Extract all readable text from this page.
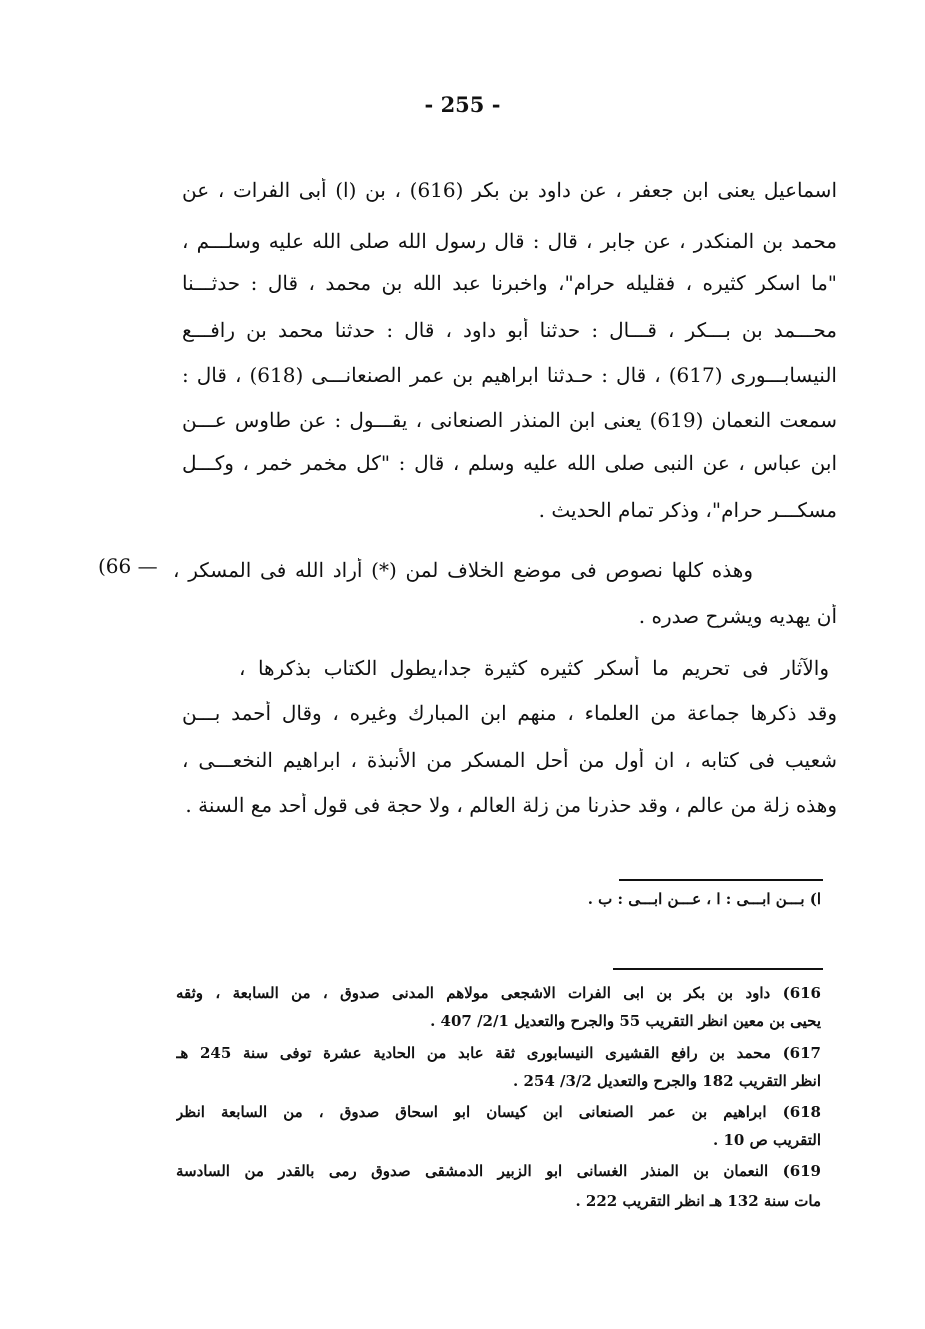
- 255 -
اسماعيل يعنى ابن جعفر ، عن داود بن بكر (616) ، بن (ا) أبى الفرات ، عن
محمد بن المنكدر ، عن جابر ، قال : قال رسول الله صلى الله عليه وسلـــم ،
"ما اسكر كثيره ، فقليله حرام"، واخبرنا عبد الله بن محمد ، قال : حدثـــنا
محـــمد بن بـــكر ، قـــال : حدثنا أبو داود ، قال : حدثنا محمد بن رافـــع
النيسابـــورى (617) ، قال : حـدثنا ابراهيم بن عمر الصنعانـــى (618) ، قال :
سمعت النعمان (619) يعنى ابن المنذر الصنعانى ، يقـــول : عن طاوس عـــن
ابن عباس ، عن النبى صلى الله عليه وسلم ، قال : "كل مخمر خمر ، وكـــل
مسكـــر حرام"، وذكر تمام الحديث .
(66 — وهذه كلها نصوص فى موضع الخلاف لمن (*) أراد الله فى المسكر ،
أن يهديه ويشرح صدره .
والآثار فى تحريم ما أسكر كثيره كثيرة جدا،يطول الكتاب بذكرها ،
وقد ذكرها جماعة من العلماء ، منهم ابن المبارك وغيره ، وقال أحمد بـــن
شعيب فى كتابه ، ان أول من أحل المسكر من الأنبذة ، ابراهيم النخعـــى ،
وهذه زلة من عالم ، وقد حذرنا من زلة العالم ، ولا حجة فى قول أحد مع السنة .
ا) بـــن ابـــى : ا ، عـــن ابـــى : ب .
616) داود بن بكر بن ابى الفرات الاشجعى مولاهم المدنى صدوق ، من السابعة ، وثقه
يحيى بن معين انظر التقريب 55 والجرح والتعديل 2/1/ 407 .
617) محمد بن رافع القشيرى النيسابورى ثقة عابد من الحادية عشرة توفى سنة 245 هـ
انظر التقريب 182 والجرح والتعديل 3/2/ 254 .
618) ابراهيم بن عمر الصنعانى ابن كيسان ابو اسحاق صدوق ، من السابعة انظر
التقريب ص 10 .
619) النعمان بن المنذر الغسانى ابو الزبير الدمشقى صدوق رمى بالقدر من السادسة
مات سنة 132 هـ انظر التقريب 222 .
